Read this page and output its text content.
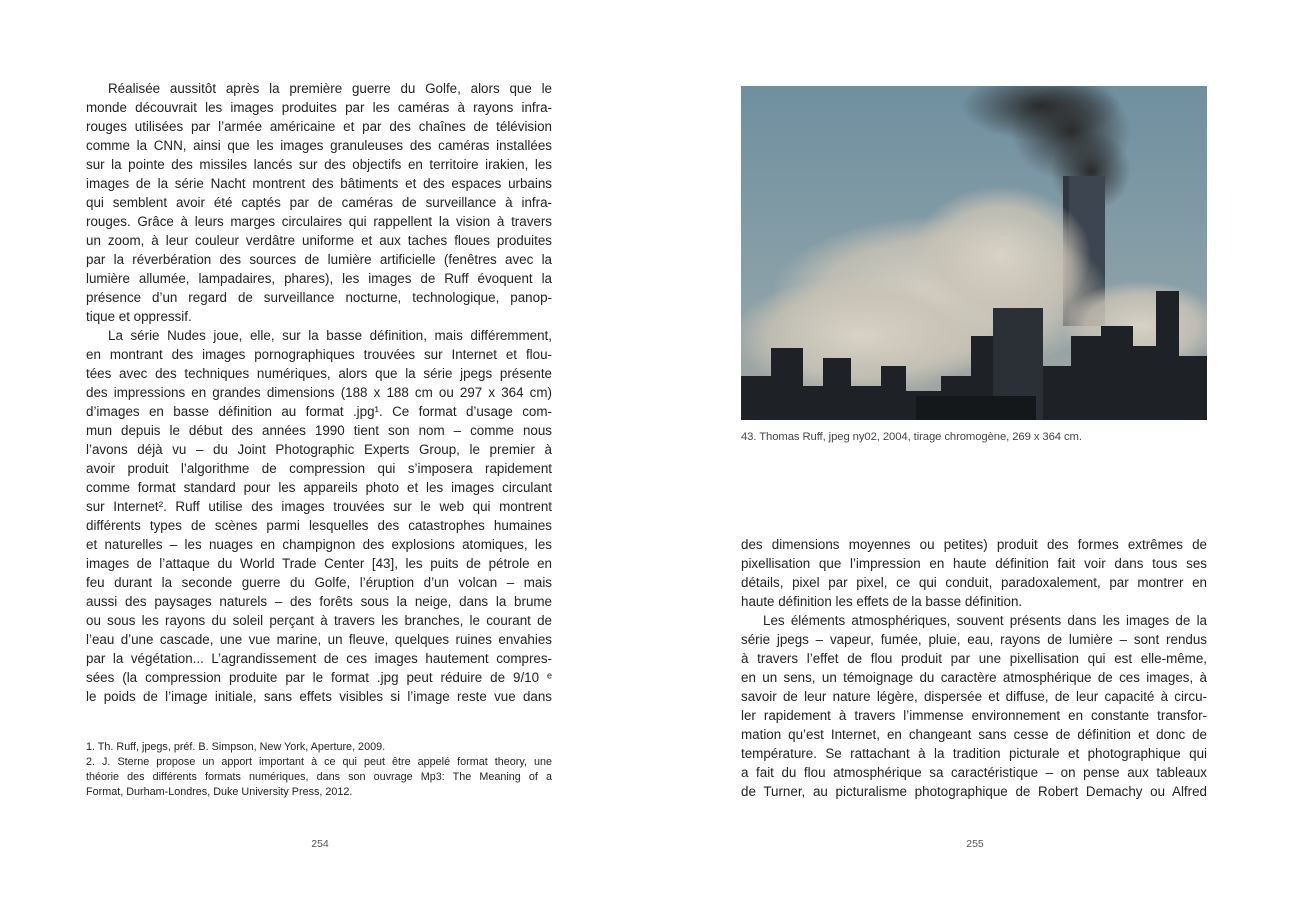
Réalisée aussitôt après la première guerre du Golfe, alors que le
monde découvrait les images produites par les caméras à rayons infra-
rouges utilisées par l’armée américaine et par des chaînes de télévision
comme la CNN, ainsi que les images granuleuses des caméras installées
sur la pointe des missiles lancés sur des objectifs en territoire irakien, les
images de la série Nacht montrent des bâtiments et des espaces urbains
qui semblent avoir été captés par de caméras de surveillance à infra-
rouges. Grâce à leurs marges circulaires qui rappellent la vision à travers
un zoom, à leur couleur verdâtre uniforme et aux taches floues produites
par la réverbération des sources de lumière artificielle (fenêtres avec la
lumière allumée, lampadaires, phares), les images de Ruff évoquent la
présence d’un regard de surveillance nocturne, technologique, panop-
tique et oppressif.
La série Nudes joue, elle, sur la basse définition, mais différemment,
en montrant des images pornographiques trouvées sur Internet et flou-
tées avec des techniques numériques, alors que la série jpegs présente
des impressions en grandes dimensions (188 x 188 cm ou 297 x 364 cm)
d’images en basse définition au format .jpg¹. Ce format d’usage com-
mun depuis le début des années 1990 tient son nom – comme nous
l’avons déjà vu – du Joint Photographic Experts Group, le premier à
avoir produit l’algorithme de compression qui s’imposera rapidement
comme format standard pour les appareils photo et les images circulant
sur Internet². Ruff utilise des images trouvées sur le web qui montrent
différents types de scènes parmi lesquelles des catastrophes humaines
et naturelles – les nuages en champignon des explosions atomiques, les
images de l’attaque du World Trade Center [43], les puits de pétrole en
feu durant la seconde guerre du Golfe, l’éruption d’un volcan – mais
aussi des paysages naturels – des forêts sous la neige, dans la brume
ou sous les rayons du soleil perçant à travers les branches, le courant de
l’eau d’une cascade, une vue marine, un fleuve, quelques ruines envahies
par la végétation... L’agrandissement de ces images hautement compres-
sées (la compression produite par le format .jpg peut réduire de 9/10 ᵉ
le poids de l’image initiale, sans effets visibles si l’image reste vue dans
1. Th. Ruff, jpegs, préf. B. Simpson, New York, Aperture, 2009.
2. J. Sterne propose un apport important à ce qui peut être appelé format theory, une
théorie des différents formats numériques, dans son ouvrage Mp3: The Meaning of a
Format, Durham-Londres, Duke University Press, 2012.
254
43. Thomas Ruff, jpeg ny02, 2004, tirage chromogène, 269 x 364 cm.
des dimensions moyennes ou petites) produit des formes extrêmes de
pixellisation que l’impression en haute définition fait voir dans tous ses
détails, pixel par pixel, ce qui conduit, paradoxalement, par montrer en
haute définition les effets de la basse définition.
Les éléments atmosphériques, souvent présents dans les images de la
série jpegs – vapeur, fumée, pluie, eau, rayons de lumière – sont rendus
à travers l’effet de flou produit par une pixellisation qui est elle-même,
en un sens, un témoignage du caractère atmosphérique de ces images, à
savoir de leur nature légère, dispersée et diffuse, de leur capacité à circu-
ler rapidement à travers l’immense environnement en constante transfor-
mation qu’est Internet, en changeant sans cesse de définition et donc de
température. Se rattachant à la tradition picturale et photographique qui
a fait du flou atmosphérique sa caractéristique – on pense aux tableaux
de Turner, au picturalisme photographique de Robert Demachy ou Alfred
255
